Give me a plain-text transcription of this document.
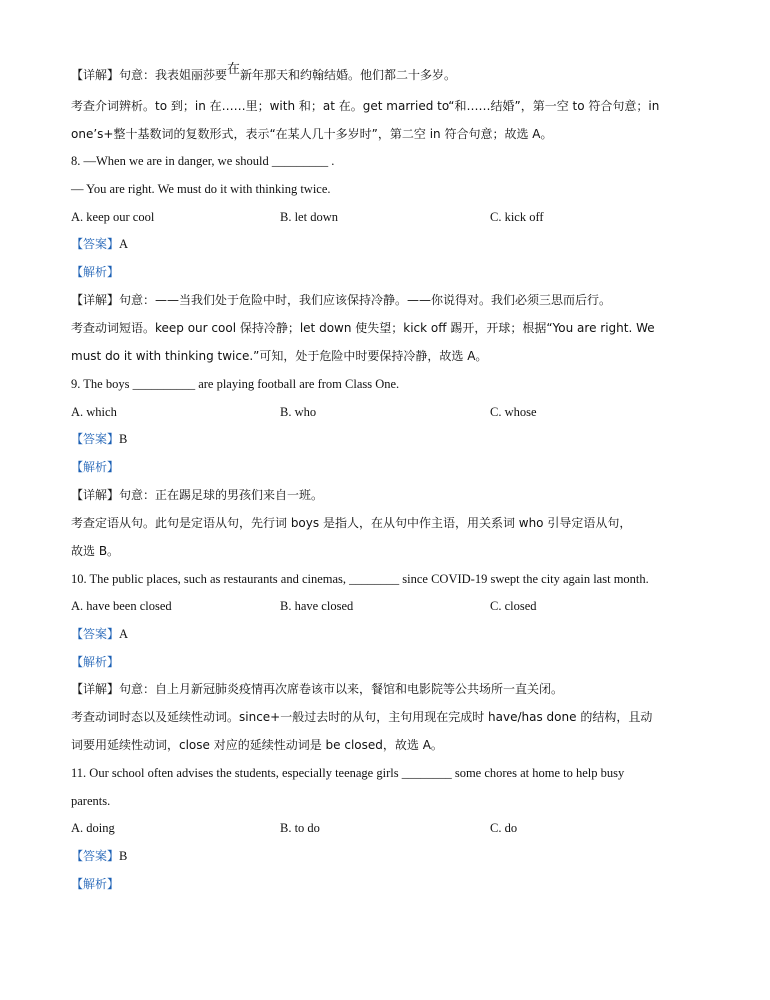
【详解】句意：我表姐丽莎要在新年那天和约翰结婚。他们都二十多岁。
考查介词辨析。to 到；in 在……里；with 和；at 在。get married to“和……结婚”，第一空 to 符合句意；in
one’s+整十基数词的复数形式，表示“在某人几十多岁时”，第二空 in 符合句意；故选 A。
8. —When we are in danger, we should _________ .
— You are right. We must do it with thinking twice.
A. keep our cool	B. let down	C. kick off
【答案】A
【解析】
【详解】句意：——当我们处于危险中时，我们应该保持冷静。——你说得对。我们必须三思而后行。
考查动词短语。keep our cool 保持冷静；let down 使失望；kick off 踢开，开球；根据“You are right. We
must do it with thinking twice.”可知，处于危险中时要保持冷静，故选 A。
9. The boys __________ are playing football are from Class One.
A. which	B. who	C. whose
【答案】B
【解析】
【详解】句意：正在踢足球的男孩们来自一班。
考查定语从句。此句是定语从句，先行词 boys 是指人，在从句中作主语，用关系词 who 引导定语从句，
故选 B。
10. The public places, such as restaurants and cinemas, ________ since COVID-19 swept the city again last month.
A. have been closed	B. have closed	C. closed
【答案】A
【解析】
【详解】句意：自上月新冠肺炎疫情再次席卷该市以来，餐馆和电影院等公共场所一直关闭。
考查动词时态以及延续性动词。since+一般过去时的从句，主句用现在完成时 have/has done 的结构，且动
词要用延续性动词，close 对应的延续性动词是 be closed，故选 A。
11. Our school often advises the students, especially teenage girls ________ some chores at home to help busy
parents.
A. doing	B. to do	C. do
【答案】B
【解析】
